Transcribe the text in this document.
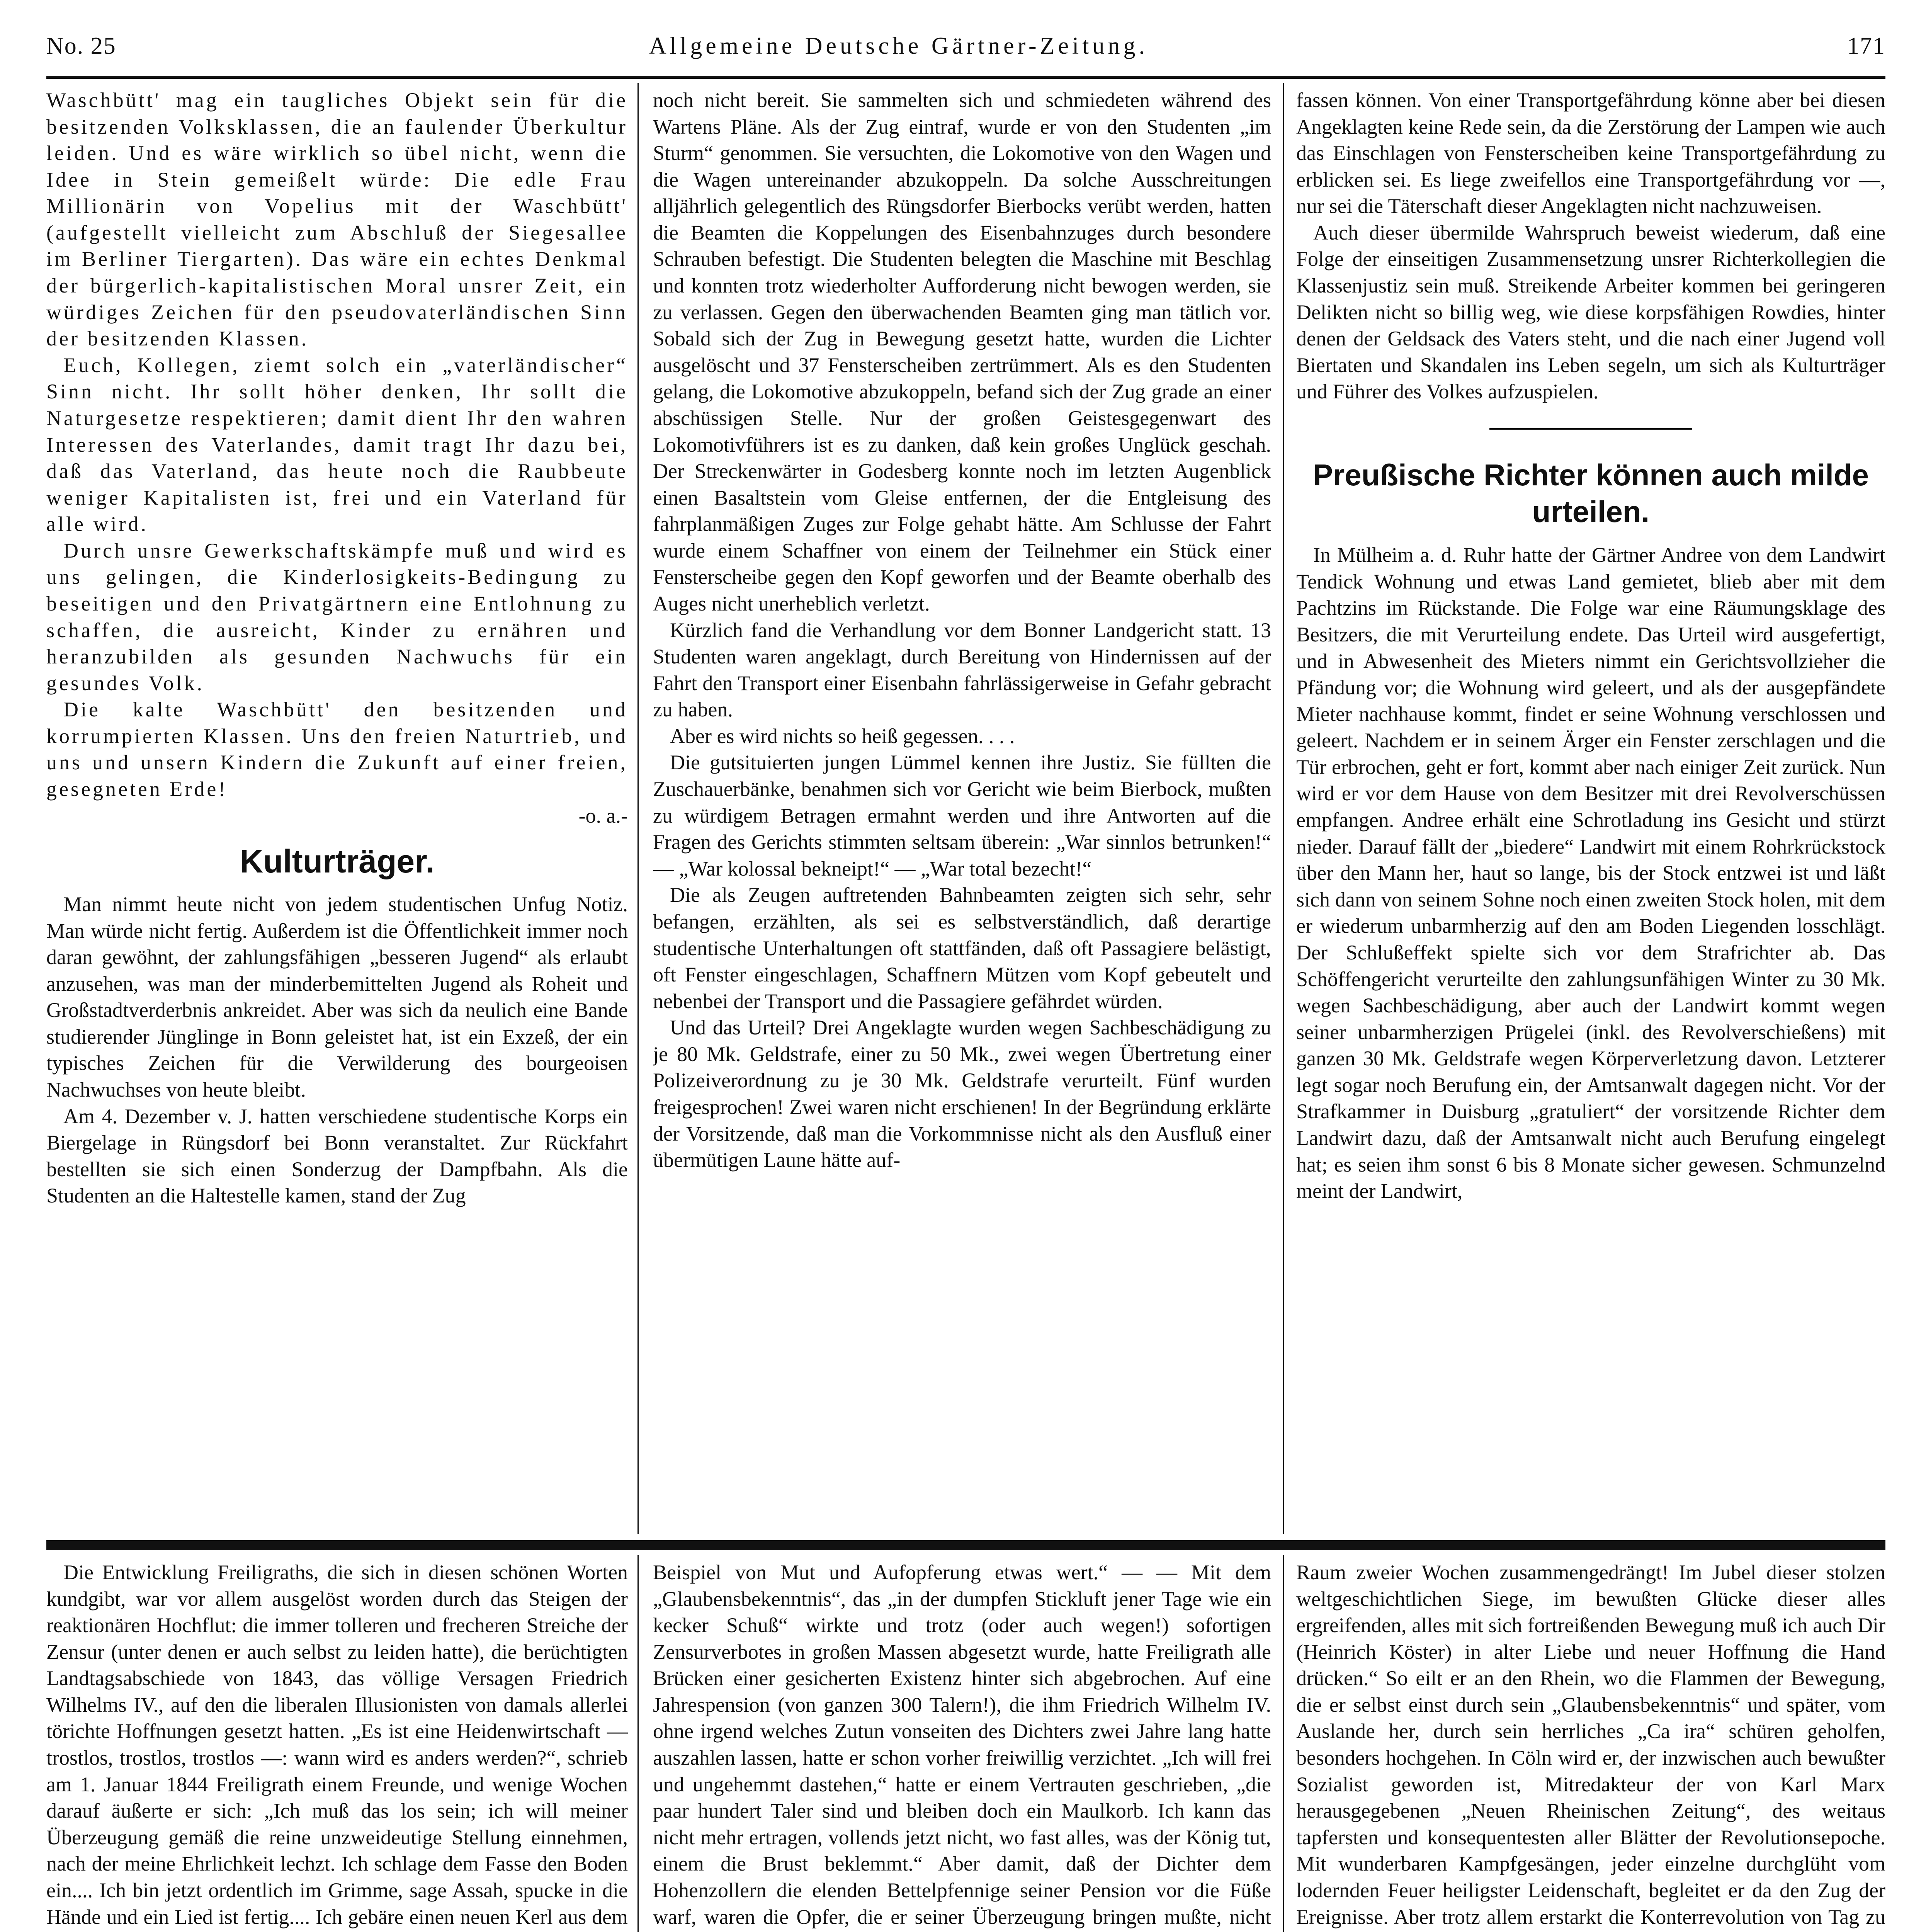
No. 25	Allgemeine Deutsche Gärtner-Zeitung.	171

Waschbütt' mag ein taugliches Objekt sein für die besitzenden Volksklassen, die an faulender Überkultur leiden. Und es wäre wirklich so übel nicht, wenn die Idee in Stein gemeißelt würde: Die edle Frau Millionärin von Vopelius mit der Waschbütt' (aufgestellt vielleicht zum Abschluß der Siegesallee im Berliner Tiergarten). Das wäre ein echtes Denkmal der bürgerlich-kapitalistischen Moral unsrer Zeit, ein würdiges Zeichen für den pseudovaterländischen Sinn der besitzenden Klassen.

Euch, Kollegen, ziemt solch ein „vaterländischer“ Sinn nicht. Ihr sollt höher denken, Ihr sollt die Naturgesetze respektieren; damit dient Ihr den wahren Interessen des Vaterlandes, damit tragt Ihr dazu bei, daß das Vaterland, das heute noch die Raubbeute weniger Kapitalisten ist, frei und ein Vaterland für alle wird.

Durch unsre Gewerkschaftskämpfe muß und wird es uns gelingen, die Kinderlosigkeits-Bedingung zu beseitigen und den Privatgärtnern eine Entlohnung zu schaffen, die ausreicht, Kinder zu ernähren und heranzubilden als gesunden Nachwuchs für ein gesundes Volk.

Die kalte Waschbütt' den besitzenden und korrumpierten Klassen. Uns den freien Naturtrieb, und uns und unsern Kindern die Zukunft auf einer freien, gesegneten Erde!

-o. a.-

Kulturträger.

Man nimmt heute nicht von jedem studentischen Unfug Notiz. Man würde nicht fertig. Außerdem ist die Öffentlichkeit immer noch daran gewöhnt, der zahlungsfähigen „besseren Jugend“ als erlaubt anzusehen, was man der minderbemittelten Jugend als Roheit und Großstadtverderbnis ankreidet. Aber was sich da neulich eine Bande studierender Jünglinge in Bonn geleistet hat, ist ein Exzeß, der ein typisches Zeichen für die Verwilderung des bourgeoisen Nachwuchses von heute bleibt.

Am 4. Dezember v. J. hatten verschiedene studentische Korps ein Biergelage in Rüngsdorf bei Bonn veranstaltet. Zur Rückfahrt bestellten sie sich einen Sonderzug der Dampfbahn. Als die Studenten an die Haltestelle kamen, stand der Zug

noch nicht bereit. Sie sammelten sich und schmiedeten während des Wartens Pläne. Als der Zug eintraf, wurde er von den Studenten „im Sturm“ genommen. Sie versuchten, die Lokomotive von den Wagen und die Wagen untereinander abzukoppeln. Da solche Ausschreitungen alljährlich gelegentlich des Rüngsdorfer Bierbocks verübt werden, hatten die Beamten die Koppelungen des Eisenbahnzuges durch besondere Schrauben befestigt. Die Studenten belegten die Maschine mit Beschlag und konnten trotz wiederholter Aufforderung nicht bewogen werden, sie zu verlassen. Gegen den überwachenden Beamten ging man tätlich vor. Sobald sich der Zug in Bewegung gesetzt hatte, wurden die Lichter ausgelöscht und 37 Fensterscheiben zertrümmert. Als es den Studenten gelang, die Lokomotive abzukoppeln, befand sich der Zug grade an einer abschüssigen Stelle. Nur der großen Geistesgegenwart des Lokomotivführers ist es zu danken, daß kein großes Unglück geschah. Der Streckenwärter in Godesberg konnte noch im letzten Augenblick einen Basaltstein vom Gleise entfernen, der die Entgleisung des fahrplanmäßigen Zuges zur Folge gehabt hätte. Am Schlusse der Fahrt wurde einem Schaffner von einem der Teilnehmer ein Stück einer Fensterscheibe gegen den Kopf geworfen und der Beamte oberhalb des Auges nicht unerheblich verletzt.

Kürzlich fand die Verhandlung vor dem Bonner Landgericht statt. 13 Studenten waren angeklagt, durch Bereitung von Hindernissen auf der Fahrt den Transport einer Eisenbahn fahrlässigerweise in Gefahr gebracht zu haben.

Aber es wird nichts so heiß gegessen. . . .

Die gutsituierten jungen Lümmel kennen ihre Justiz. Sie füllten die Zuschauerbänke, benahmen sich vor Gericht wie beim Bierbock, mußten zu würdigem Betragen ermahnt werden und ihre Antworten auf die Fragen des Gerichts stimmten seltsam überein: „War sinnlos betrunken!“ — „War kolossal bekneipt!“ — „War total bezecht!“

Die als Zeugen auftretenden Bahnbeamten zeigten sich sehr, sehr befangen, erzählten, als sei es selbstverständlich, daß derartige studentische Unterhaltungen oft stattfänden, daß oft Passagiere belästigt, oft Fenster eingeschlagen, Schaffnern Mützen vom Kopf gebeutelt und nebenbei der Transport und die Passagiere gefährdet würden.

Und das Urteil? Drei Angeklagte wurden wegen Sachbeschädigung zu je 80 Mk. Geldstrafe, einer zu 50 Mk., zwei wegen Übertretung einer Polizeiverordnung zu je 30 Mk. Geldstrafe verurteilt. Fünf wurden freigesprochen! Zwei waren nicht erschienen! In der Begründung erklärte der Vorsitzende, daß man die Vorkommnisse nicht als den Ausfluß einer übermütigen Laune hätte auf-

fassen können. Von einer Transportgefährdung könne aber bei diesen Angeklagten keine Rede sein, da die Zerstörung der Lampen wie auch das Einschlagen von Fensterscheiben keine Transportgefährdung zu erblicken sei. Es liege zweifellos eine Transportgefährdung vor —, nur sei die Täterschaft dieser Angeklagten nicht nachzuweisen.

Auch dieser übermilde Wahrspruch beweist wiederum, daß eine Folge der einseitigen Zusammensetzung unsrer Richterkollegien die Klassenjustiz sein muß. Streikende Arbeiter kommen bei geringeren Delikten nicht so billig weg, wie diese korpsfähigen Rowdies, hinter denen der Geldsack des Vaters steht, und die nach einer Jugend voll Biertaten und Skandalen ins Leben segeln, um sich als Kulturträger und Führer des Volkes aufzuspielen.

Preußische Richter können auch milde urteilen.

In Mülheim a. d. Ruhr hatte der Gärtner Andree von dem Landwirt Tendick Wohnung und etwas Land gemietet, blieb aber mit dem Pachtzins im Rückstande. Die Folge war eine Räumungsklage des Besitzers, die mit Verurteilung endete. Das Urteil wird ausgefertigt, und in Abwesenheit des Mieters nimmt ein Gerichtsvollzieher die Pfändung vor; die Wohnung wird geleert, und als der ausgepfändete Mieter nachhause kommt, findet er seine Wohnung verschlossen und geleert. Nachdem er in seinem Ärger ein Fenster zerschlagen und die Tür erbrochen, geht er fort, kommt aber nach einiger Zeit zurück. Nun wird er vor dem Hause von dem Besitzer mit drei Revolverschüssen empfangen. Andree erhält eine Schrotladung ins Gesicht und stürzt nieder. Darauf fällt der „biedere“ Landwirt mit einem Rohrkrückstock über den Mann her, haut so lange, bis der Stock entzwei ist und läßt sich dann von seinem Sohne noch einen zweiten Stock holen, mit dem er wiederum unbarmherzig auf den am Boden Liegenden losschlägt. Der Schlußeffekt spielte sich vor dem Strafrichter ab. Das Schöffengericht verurteilte den zahlungsunfähigen Winter zu 30 Mk. wegen Sachbeschädigung, aber auch der Landwirt kommt wegen seiner unbarmherzigen Prügelei (inkl. des Revolverschießens) mit ganzen 30 Mk. Geldstrafe wegen Körperverletzung davon. Letzterer legt sogar noch Berufung ein, der Amtsanwalt dagegen nicht. Vor der Strafkammer in Duisburg „gratuliert“ der vorsitzende Richter dem Landwirt dazu, daß der Amtsanwalt nicht auch Berufung eingelegt hat; es seien ihm sonst 6 bis 8 Monate sicher gewesen. Schmunzelnd meint der Landwirt,

Die Entwicklung Freiligraths, die sich in diesen schönen Worten kundgibt, war vor allem ausgelöst worden durch das Steigen der reaktionären Hochflut: die immer tolleren und frecheren Streiche der Zensur (unter denen er auch selbst zu leiden hatte), die berüchtigten Landtagsabschiede von 1843, das völlige Versagen Friedrich Wilhelms IV., auf den die liberalen Illusionisten von damals allerlei törichte Hoffnungen gesetzt hatten. „Es ist eine Heidenwirtschaft — trostlos, trostlos, trostlos —: wann wird es anders werden?“, schrieb am 1. Januar 1844 Freiligrath einem Freunde, und wenige Wochen darauf äußerte er sich: „Ich muß das los sein; ich will meiner Überzeugung gemäß die reine unzweideutige Stellung einnehmen, nach der meine Ehrlichkeit lechzt. Ich schlage dem Fasse den Boden ein.... Ich bin jetzt ordentlich im Grimme, sage Assah, spucke in die Hände und ein Lied ist fertig.... Ich gebäre einen neuen Kerl aus dem

Beispiel von Mut und Aufopferung etwas wert.“ — — Mit dem „Glaubensbekenntnis“, das „in der dumpfen Stickluft jener Tage wie ein kecker Schuß“ wirkte und trotz (oder auch wegen!) sofortigen Zensurverbotes in großen Massen abgesetzt wurde, hatte Freiligrath alle Brücken einer gesicherten Existenz hinter sich abgebrochen. Auf eine Jahrespension (von ganzen 300 Talern!), die ihm Friedrich Wilhelm IV. ohne irgend welches Zutun vonseiten des Dichters zwei Jahre lang hatte auszahlen lassen, hatte er schon vorher freiwillig verzichtet. „Ich will frei und ungehemmt dastehen,“ hatte er einem Vertrauten geschrieben, „die paar hundert Taler sind und bleiben doch ein Maulkorb. Ich kann das nicht mehr ertragen, vollends jetzt nicht, wo fast alles, was der König tut, einem die Brust beklemmt.“ Aber damit, daß der Dichter dem Hohenzollern die elenden Bettelpfennige seiner Pension vor die Füße warf, waren die Opfer, die er seiner Überzeugung bringen mußte, nicht

Raum zweier Wochen zusammengedrängt! Im Jubel dieser stolzen weltgeschichtlichen Siege, im bewußten Glücke dieser alles ergreifenden, alles mit sich fortreißenden Bewegung muß ich auch Dir (Heinrich Köster) in alter Liebe und neuer Hoffnung die Hand drücken.“ So eilt er an den Rhein, wo die Flammen der Bewegung, die er selbst einst durch sein „Glaubensbekenntnis“ und später, vom Auslande her, durch sein herrliches „Ca ira“ schüren geholfen, besonders hochgehen. In Cöln wird er, der inzwischen auch bewußter Sozialist geworden ist, Mitredakteur der von Karl Marx herausgegebenen „Neuen Rheinischen Zeitung“, des weitaus tapfersten und konsequentesten aller Blätter der Revolutionsepoche. Mit wunderbaren Kampfgesängen, jeder einzelne durchglüht vom lodernden Feuer heiligster Leidenschaft, begleitet er da den Zug der Ereignisse. Aber trotz allem erstarkt die Konterrevolution von Tag zu
